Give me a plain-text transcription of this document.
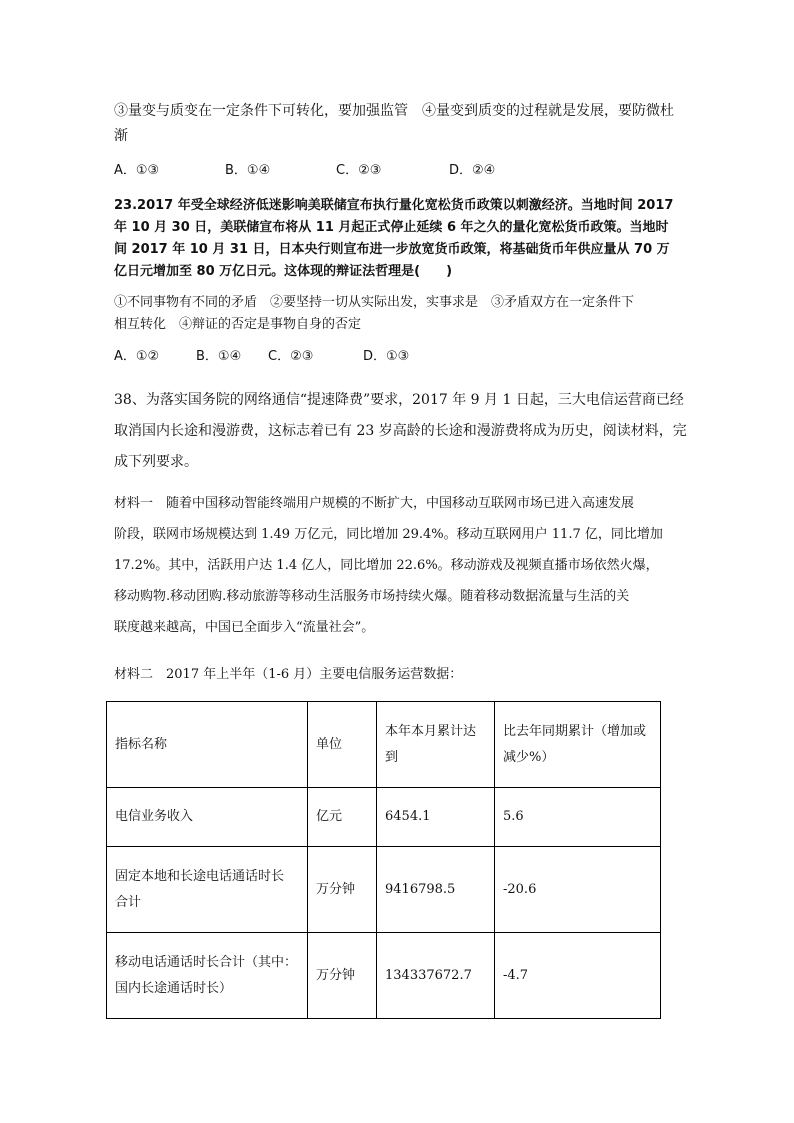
③量变与质变在一定条件下可转化，要加强监管　④量变到质变的过程就是发展，要防微杜
渐
A．①③	B．①④	C．②③	D．②④
23.2017 年受全球经济低迷影响美联储宣布执行量化宽松货币政策以刺激经济。当地时间 2017
年 10 月 30 日，美联储宣布将从 11 月起正式停止延续 6 年之久的量化宽松货币政策。当地时
间 2017 年 10 月 31 日，日本央行则宣布进一步放宽货币政策，将基础货币年供应量从 70 万
亿日元增加至 80 万亿日元。这体现的辩证法哲理是(　　)
①不同事物有不同的矛盾　②要坚持一切从实际出发，实事求是　③矛盾双方在一定条件下
相互转化　④辩证的否定是事物自身的否定
A．①②	B．①④ C．②③	D．①③
38、为落实国务院的网络通信“提速降费”要求，2017 年 9 月 1 日起，三大电信运营商已经
取消国内长途和漫游费，这标志着已有 23 岁高龄的长途和漫游费将成为历史，阅读材料，完
成下列要求。
材料一　随着中国移动智能终端用户规模的不断扩大，中国移动互联网市场已进入高速发展
阶段，联网市场规模达到 1.49 万亿元，同比增加 29.4%。移动互联网用户 11.7 亿，同比增加
17.2%。其中，活跃用户达 1.4 亿人，同比增加 22.6%。移动游戏及视频直播市场依然火爆，
移动购物.移动团购.移动旅游等移动生活服务市场持续火爆。随着移动数据流量与生活的关
联度越来越高，中国已全面步入“流量社会”。
材料二　2017 年上半年（1-6 月）主要电信服务运营数据：
指标名称	单位	本年本月累计达
到	比去年同期累计（增加或
减少%）
电信业务收入	亿元	6454.1	5.6
固定本地和长途电话通话时长
合计	万分钟	9416798.5	-20.6
移动电话通话时长合计（其中：
国内长途通话时长）	万分钟	134337672.7	-4.7
